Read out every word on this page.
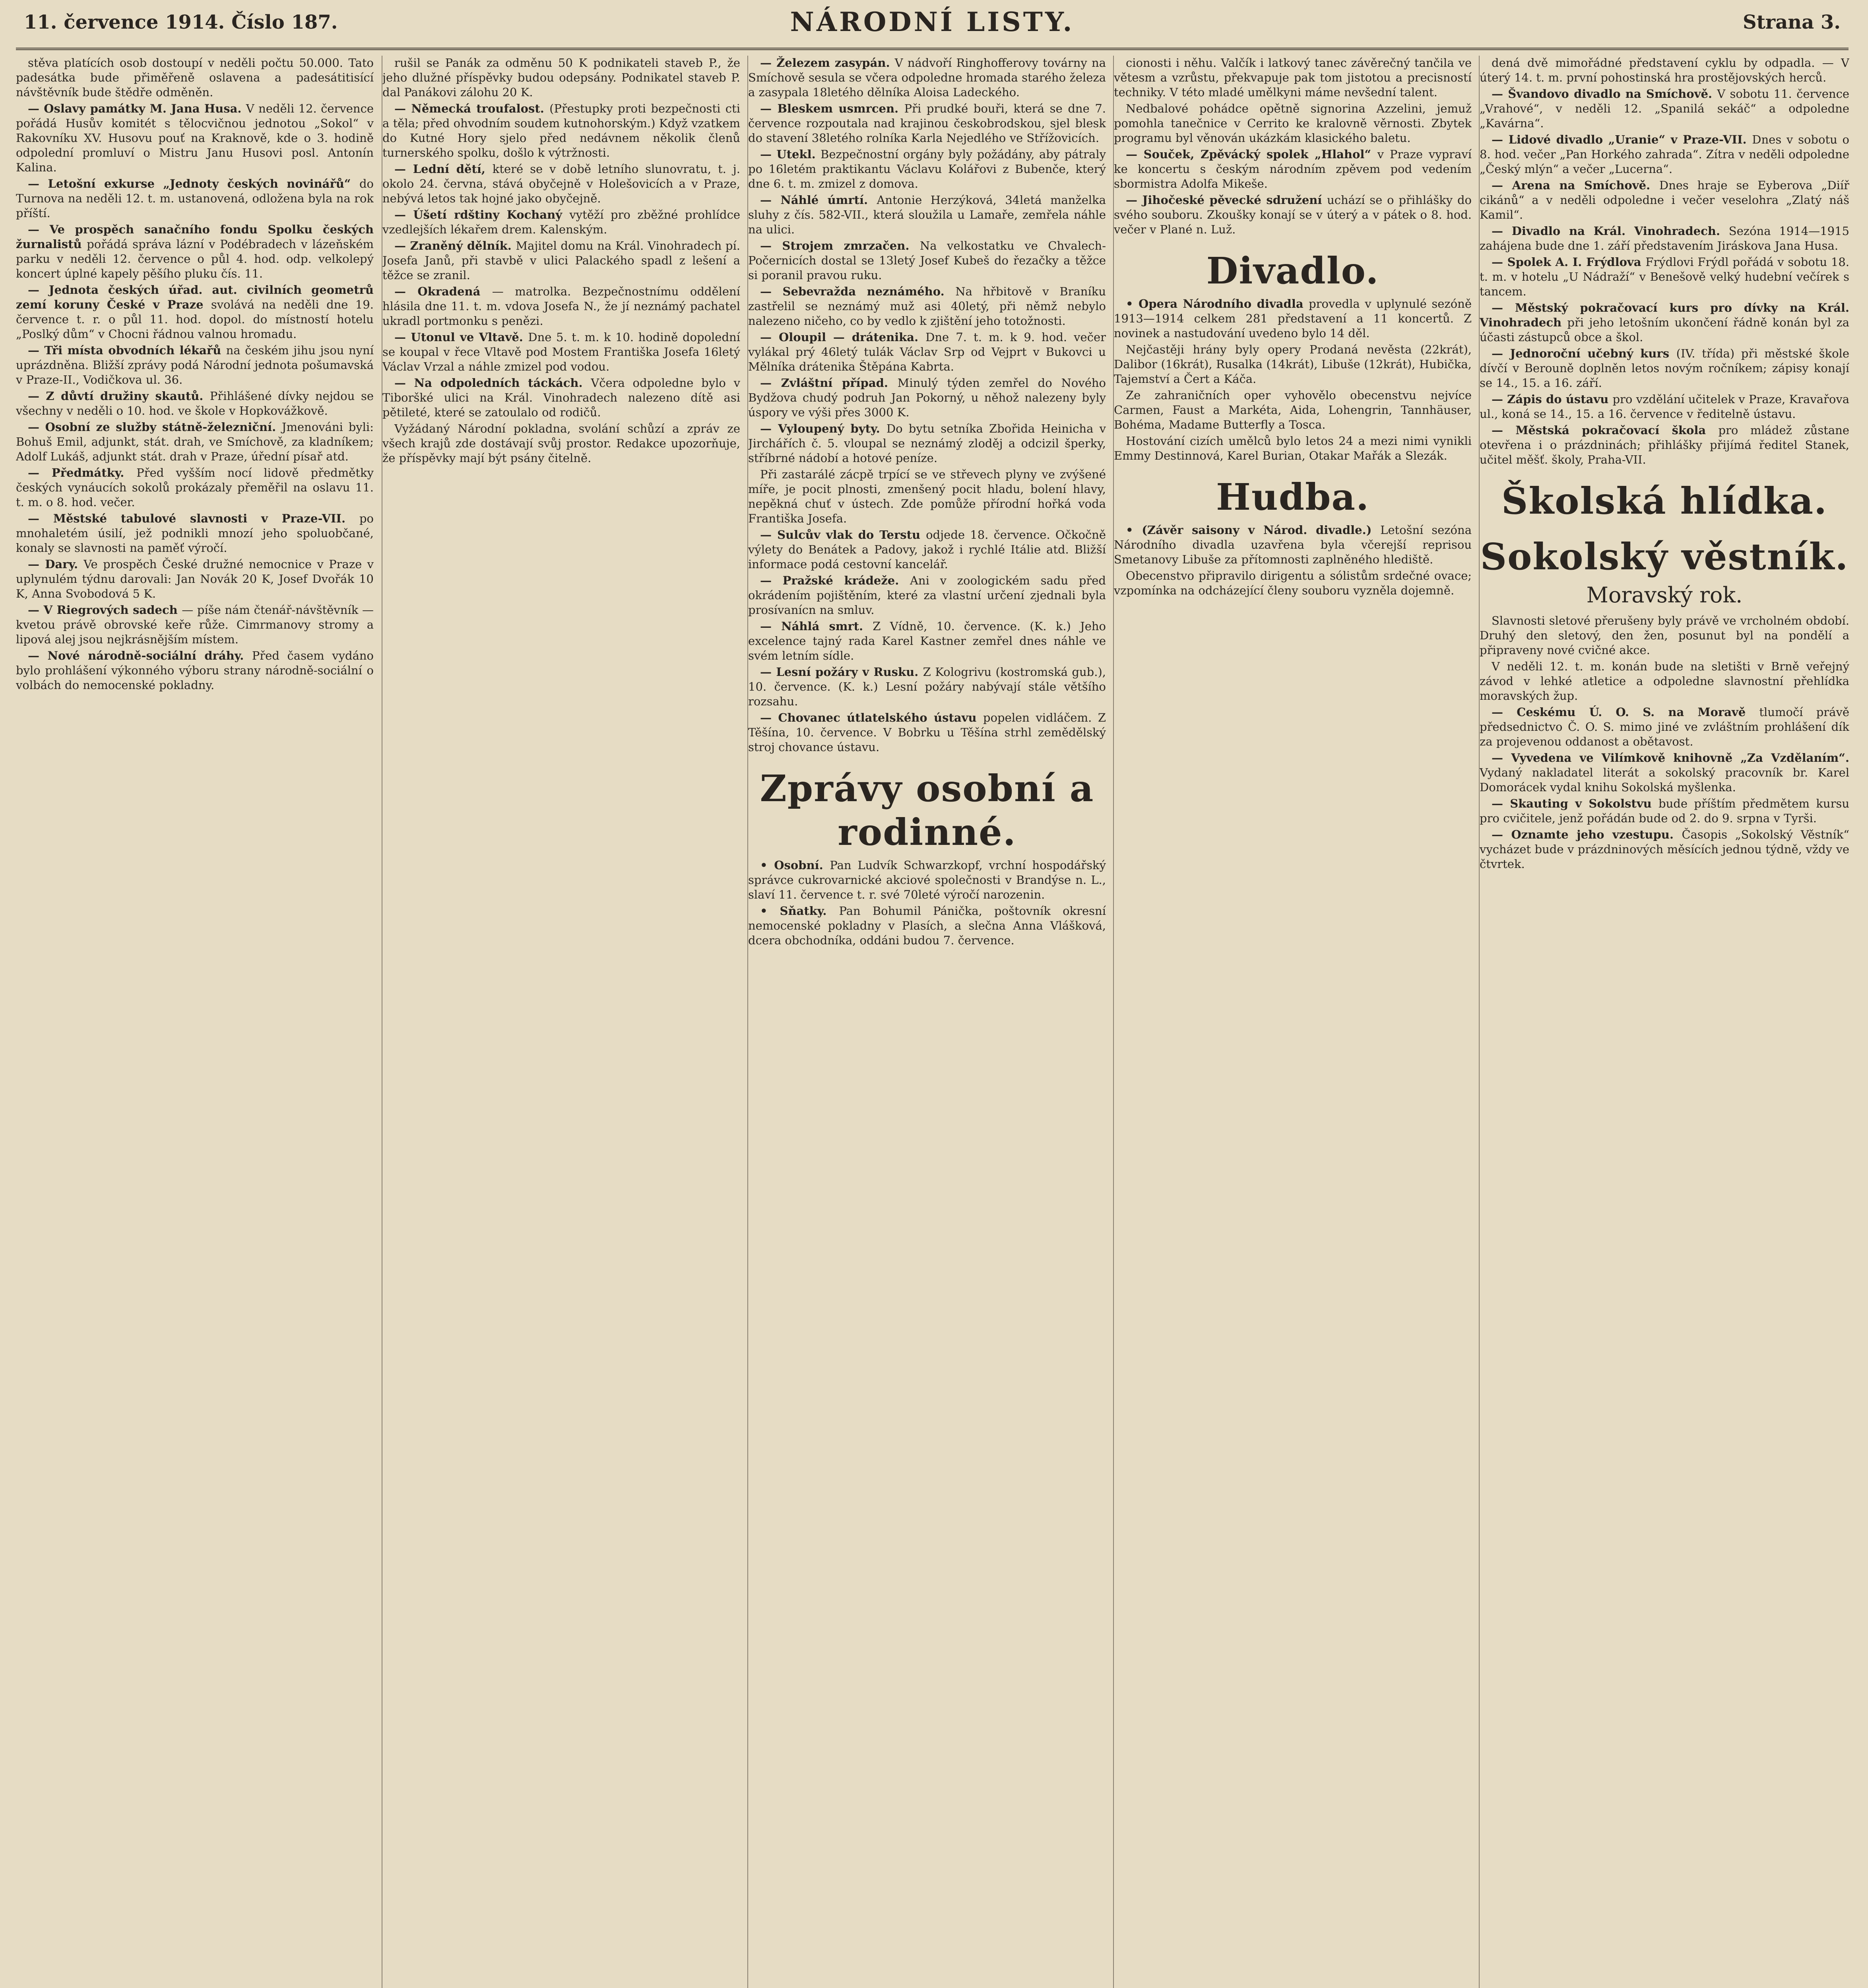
11. července 1914. Číslo 187.	NÁRODNÍ LISTY.	Strana 3.

stěva platících osob dostoupí v neděli počtu 50.000. Tato padesátka bude přiměřeně oslavena a padesátitisící návštěvník bude štědře odměněn.

— Oslavy památky M. Jana Husa. V neděli 12. července pořádá Husův komitét s tělocvičnou jednotou „Sokol“ v Rakovníku XV. Husovu pouť na Kraknově, kde o 3. hodině odpolední promluví o Mistru Janu Husovi posl. Antonín Kalina.

— Letošní exkurse „Jednoty českých novinářů“ do Turnova na neděli 12. t. m. ustanovená, odložena byla na rok příští.

— Ve prospěch sanačního fondu Spolku českých žurnalistů pořádá správa lázní v Podébradech v lázeňském parku v neděli 12. července o půl 4. hod. odp. velkolepý koncert úplné kapely pěšího pluku čís. 11.

— Jednota českých úřad. aut. civilních geometrů zemí koruny České v Praze svolává na neděli dne 19. července t. r. o půl 11. hod. dopol. do místností hotelu „Poslký dům“ v Chocni řádnou valnou hromadu.

— Tři místa obvodních lékařů na českém jihu jsou nyní uprázdněna. Bližší zprávy podá Národní jednota pošumavská v Praze-II., Vodičkova ul. 36.

— Z důvtí družiny skautů. Přihlášené dívky nejdou se všechny v neděli o 10. hod. ve škole v Hopkovážkově.

— Osobní ze služby státně-železniční. Jmenováni byli: Bohuš Emil, adjunkt, stát. drah, ve Smíchově, za kladníkem; Adolf Lukáš, adjunkt stát. drah v Praze, úřední písař atd.

— Předmátky. Před vyšším nocí lidově předmětky českých vynáucích sokolů prokázaly přeměřil na oslavu 11. t. m. o 8. hod. večer.

— Městské tabulové slavnosti v Praze-VII. po mnohaletém úsilí, jež podnikli mnozí jeho spoluobčané, konaly se slavnosti na paměť výročí.

— Dary. Ve prospěch České družné nemocnice v Praze v uplynulém týdnu darovali: Jan Novák 20 K, Josef Dvořák 10 K, Anna Svobodová 5 K.

— V Riegrových sadech — píše nám čtenář-návštěvník — kvetou právě obrovské keře růže. Cimrmanovy stromy a lipová alej jsou nejkrásnějším místem.

— Nové národně-sociální dráhy. Před časem vydáno bylo prohlášení výkonného výboru strany národně-sociální o volbách do nemocenské pokladny.

rušil se Panák za odměnu 50 K podnikateli staveb P., že jeho dlužné příspěvky budou odepsány. Podnikatel staveb P. dal Panákovi zálohu 20 K.

— Německá troufalost. (Přestupky proti bezpečnosti cti a těla; před ohvodním soudem kutnohorským.) Když vzatkem do Kutné Hory sjelo před nedávnem několik členů turnerského spolku, došlo k výtržnosti.

— Lední dětí, které se v době letního slunovratu, t. j. okolo 24. června, stává obyčejně v Holešovicích a v Praze, nebývá letos tak hojné jako obyčejně.

— Úšetí rdštiny Kochaný vytěží pro zběžné prohlídce vzedlejších lékařem drem. Kalenským.

— Zraněný dělník. Majitel domu na Král. Vinohradech pí. Josefa Janů, při stavbě v ulici Palackého spadl z lešení a těžce se zranil.

— Okradená — matrolka. Bezpečnostnímu oddělení hlásila dne 11. t. m. vdova Josefa N., že jí neznámý pachatel ukradl portmonku s penězi.

— Utonul ve Vltavě. Dne 5. t. m. k 10. hodině dopolední se koupal v řece Vltavě pod Mostem Františka Josefa 16letý Václav Vrzal a náhle zmizel pod vodou.

— Na odpoledních táckách. Včera odpoledne bylo v Tiboršké ulici na Král. Vinohradech nalezeno dítě asi pětileté, které se zatoulalo od rodičů.

Vyžádaný Národní pokladna, svolání schůzí a zpráv ze všech krajů zde dostávají svůj prostor. Redakce upozorňuje, že příspěvky mají být psány čitelně.

— Železem zasypán. V nádvoří Ringhofferovy továrny na Smíchově sesula se včera odpoledne hromada starého železa a zasypala 18letého dělníka Aloisa Ladeckého.

— Bleskem usmrcen. Při prudké bouři, která se dne 7. července rozpoutala nad krajinou českobrodskou, sjel blesk do stavení 38letého rolníka Karla Nejedlého ve Střížovicích.

— Utekl. Bezpečnostní orgány byly požádány, aby pátraly po 16letém praktikantu Václavu Kolářovi z Bubenče, který dne 6. t. m. zmizel z domova.

— Náhlé úmrtí. Antonie Herzýková, 34letá manželka sluhy z čís. 582-VII., která sloužila u Lamaře, zemřela náhle na ulici.

— Strojem zmrzačen. Na velkostatku ve Chvalech-Počernicích dostal se 13letý Josef Kubeš do řezačky a těžce si poranil pravou ruku.

— Sebevražda neznámého. Na hřbitově v Braníku zastřelil se neznámý muž asi 40letý, při němž nebylo nalezeno ničeho, co by vedlo k zjištění jeho totožnosti.

— Oloupil — drátenika. Dne 7. t. m. k 9. hod. večer vylákal prý 46letý tulák Václav Srp od Vejprt v Bukovci u Mělníka drátenika Štěpána Kabrta.

— Zvláštní případ. Minulý týden zemřel do Nového Bydžova chudý podruh Jan Pokorný, u něhož nalezeny byly úspory ve výši přes 3000 K.

— Vyloupený byty. Do bytu setníka Zbořida Heinicha v Jirchářích č. 5. vloupal se neznámý zloděj a odcizil šperky, stříbrné nádobí a hotové peníze.

Při zastarálé zácpě trpící se ve střevech plyny ve zvýšené míře, je pocit plnosti, zmenšený pocit hladu, bolení hlavy, nepěkná chuť v ústech. Zde pomůže přírodní hořká voda Františka Josefa.

— Sulcův vlak do Terstu odjede 18. července. Očkočně výlety do Benátek a Padovy, jakož i rychlé Itálie atd. Bližší informace podá cestovní kancelář.

— Pražské krádeže. Ani v zoologickém sadu před okrádením pojištěním, které za vlastní určení zjednali byla prosívanícn na smluv.

— Náhlá smrt. Z Vídně, 10. července. (K. k.) Jeho excelence tajný rada Karel Kastner zemřel dnes náhle ve svém letním sídle.

— Lesní požáry v Rusku. Z Kologrivu (kostromská gub.), 10. července. (K. k.) Lesní požáry nabývají stále většího rozsahu.

— Chovanec útlatelského ústavu popelen vidláčem. Z Těšína, 10. července. V Bobrku u Těšína strhl zemědělský stroj chovance ústavu.

Zprávy osobní a rodinné.

• Osobní. Pan Ludvík Schwarzkopf, vrchní hospodářský správce cukrovarnické akciové společnosti v Brandýse n. L., slaví 11. července t. r. své 70leté výročí narozenin.

• Sňatky. Pan Bohumil Pánička, poštovník okresní nemocenské pokladny v Plasích, a slečna Anna Vlášková, dcera obchodníka, oddáni budou 7. července.

cionosti i něhu. Valčík i latkový tanec závěrečný tančila ve větesm a vzrůstu, překvapuje pak tom jistotou a precisností techniky. V této mladé umělkyni máme nevšední talent.

Nedbalové pohádce opětně signorina Azzelini, jemuž pomohla tanečnice v Cerrito ke kralovně věrnosti. Zbytek programu byl věnován ukázkám klasického baletu.

— Souček, Zpěvácký spolek „Hlahol“ v Praze vypraví ke koncertu s českým národním zpěvem pod vedením sbormistra Adolfa Mikeše.

— Jihočeské pěvecké sdružení uchází se o přihlášky do svého souboru. Zkoušky konají se v úterý a v pátek o 8. hod. večer v Plané n. Luž.

Divadlo.

• Opera Národního divadla provedla v uplynulé sezóně 1913—1914 celkem 281 představení a 11 koncertů. Z novinek a nastudování uvedeno bylo 14 děl.

Nejčastěji hrány byly opery Prodaná nevěsta (22krát), Dalibor (16krát), Rusalka (14krát), Libuše (12krát), Hubička, Tajemství a Čert a Káča.

Ze zahraničních oper vyhovělo obecenstvu nejvíce Carmen, Faust a Markéta, Aida, Lohengrin, Tannhäuser, Bohéma, Madame Butterfly a Tosca.

Hostování cizích umělců bylo letos 24 a mezi nimi vynikli Emmy Destinnová, Karel Burian, Otakar Mařák a Slezák.

Hudba.

• (Závěr saisony v Národ. divadle.) Letošní sezóna Národního divadla uzavřena byla včerejší reprisou Smetanovy Libuše za přítomnosti zaplněného hlediště.

Obecenstvo připravilo dirigentu a sólistům srdečné ovace; vzpomínka na odcházející členy souboru vyzněla dojemně.

dená dvě mimořádné představení cyklu by odpadla. — V úterý 14. t. m. první pohostinská hra prostějovských herců.

— Švandovo divadlo na Smíchově. V sobotu 11. července „Vrahové“, v neděli 12. „Spanilá sekáč“ a odpoledne „Kavárna“.

— Lidové divadlo „Uranie“ v Praze-VII. Dnes v sobotu o 8. hod. večer „Pan Horkého zahrada“. Zítra v neděli odpoledne „Český mlýn“ a večer „Lucerna“.

— Arena na Smíchově. Dnes hraje se Eyberova „Diíř cikánů“ a v neděli odpoledne i večer veselohra „Zlatý náš Kamil“.

— Divadlo na Král. Vinohradech. Sezóna 1914—1915 zahájena bude dne 1. září představením Jiráskova Jana Husa.

— Spolek A. I. Frýdlova Frýdlovi Frýdl pořádá v sobotu 18. t. m. v hotelu „U Nádraží“ v Benešově velký hudební večírek s tancem.

— Městský pokračovací kurs pro dívky na Král. Vinohradech při jeho letošním ukončení řádně konán byl za účasti zástupců obce a škol.

— Jednoroční učebný kurs (IV. třída) při městské škole dívčí v Berouně doplněn letos novým ročníkem; zápisy konají se 14., 15. a 16. září.

— Zápis do ústavu pro vzdělání učitelek v Praze, Kravařova ul., koná se 14., 15. a 16. července v ředitelně ústavu.

— Městská pokračovací škola pro mládež zůstane otevřena i o prázdninách; přihlášky přijímá ředitel Stanek, učitel měšť. školy, Praha-VII.

Školská hlídka.
Sokolský věstník.
Moravský rok.

Slavnosti sletové přerušeny byly právě ve vrcholném období. Druhý den sletový, den žen, posunut byl na pondělí a připraveny nové cvičné akce.

V neděli 12. t. m. konán bude na sletišti v Brně veřejný závod v lehké atletice a odpoledne slavnostní přehlídka moravských žup.

— Ceskému Ú. O. S. na Moravě tlumočí právě předsednictvo Č. O. S. mimo jiné ve zvláštním prohlášení dík za projevenou oddanost a obětavost.

— Vyvedena ve Vilímkově knihovně „Za Vzdělaním“. Vydaný nakladatel literát a sokolský pracovník br. Karel Domorácek vydal knihu Sokolská myšlenka.

— Skauting v Sokolstvu bude příštím předmětem kursu pro cvičitele, jenž pořádán bude od 2. do 9. srpna v Tyrši.

— Oznamte jeho vzestupu. Časopis „Sokolský Věstník“ vycházet bude v prázdninových měsících jednou týdně, vždy ve čtvrtek.
